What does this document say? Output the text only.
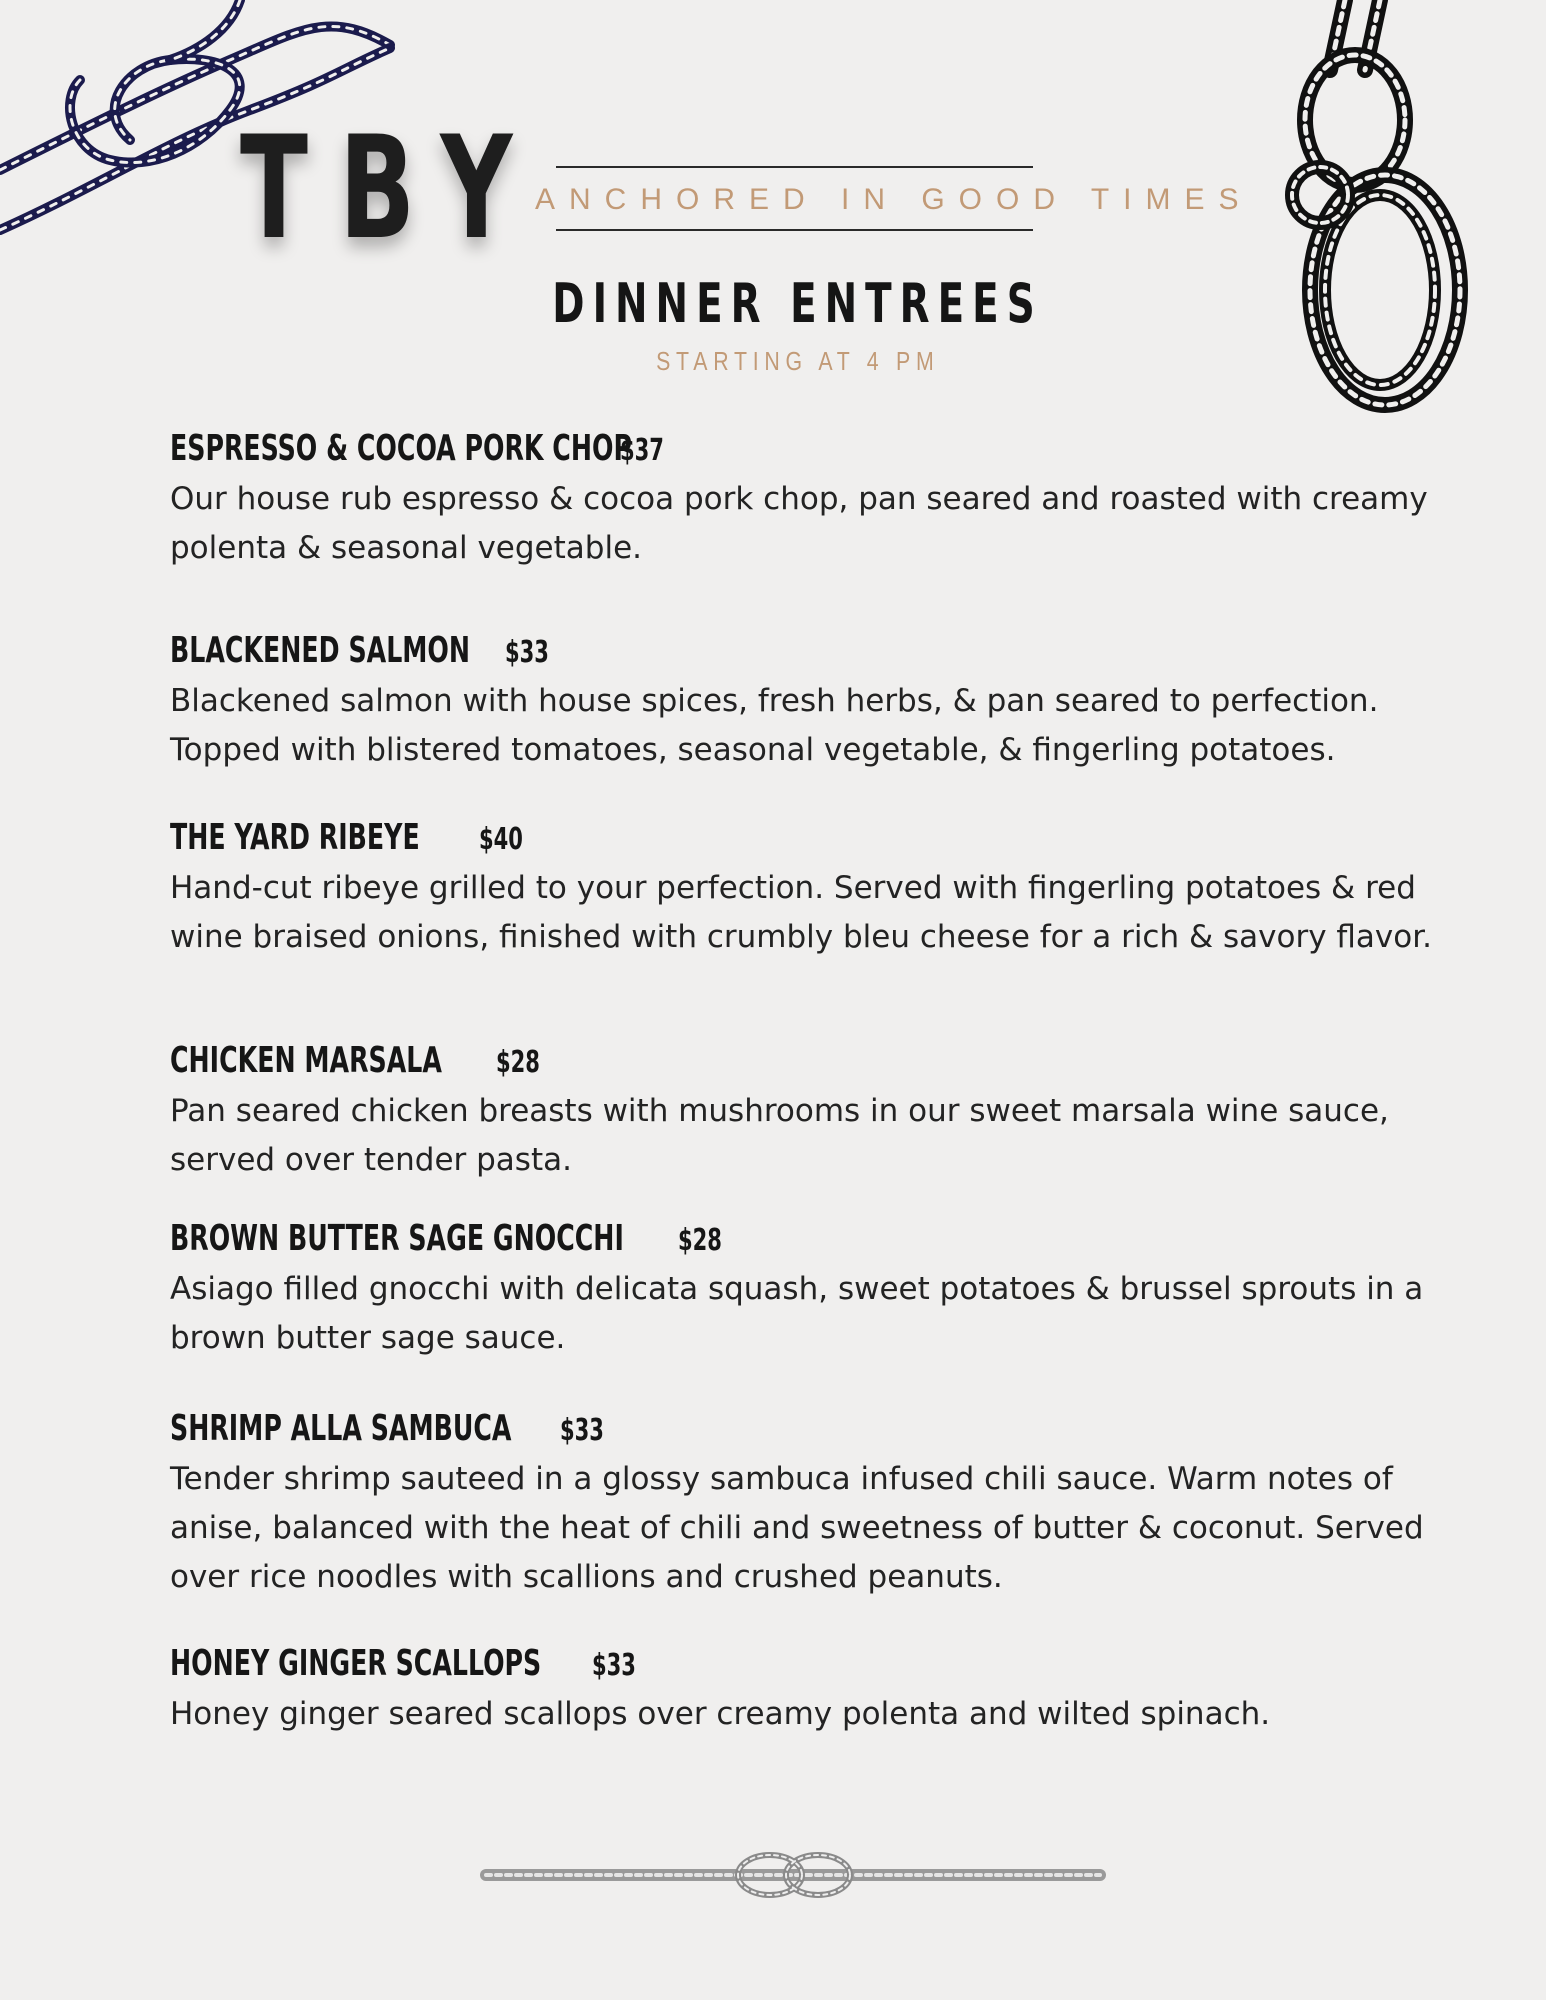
TBY
ANCHORED IN GOOD TIMES
DINNER ENTREES
STARTING AT 4 PM
ESPRESSO & COCOA PORK CHOP
$37
Our house rub espresso & cocoa pork chop, pan seared and roasted with creamy polenta & seasonal vegetable.
BLACKENED SALMON $33
Blackened salmon with house spices, fresh herbs, & pan seared to perfection. Topped with blistered tomatoes, seasonal vegetable, & fingerling potatoes.
THE YARD RIBEYE $40
Hand-cut ribeye grilled to your perfection. Served with fingerling potatoes & red wine braised onions, finished with crumbly bleu cheese for a rich & savory flavor.
CHICKEN MARSALA $28
Pan seared chicken breasts with mushrooms in our sweet marsala wine sauce, served over tender pasta.
BROWN BUTTER SAGE GNOCCHI $28
Asiago filled gnocchi with delicata squash, sweet potatoes & brussel sprouts in a brown butter sage sauce.
SHRIMP ALLA SAMBUCA $33
Tender shrimp sauteed in a glossy sambuca infused chili sauce. Warm notes of anise, balanced with the heat of chili and sweetness of butter & coconut. Served over rice noodles with scallions and crushed peanuts.
HONEY GINGER SCALLOPS $33
Honey ginger seared scallops over creamy polenta and wilted spinach.
